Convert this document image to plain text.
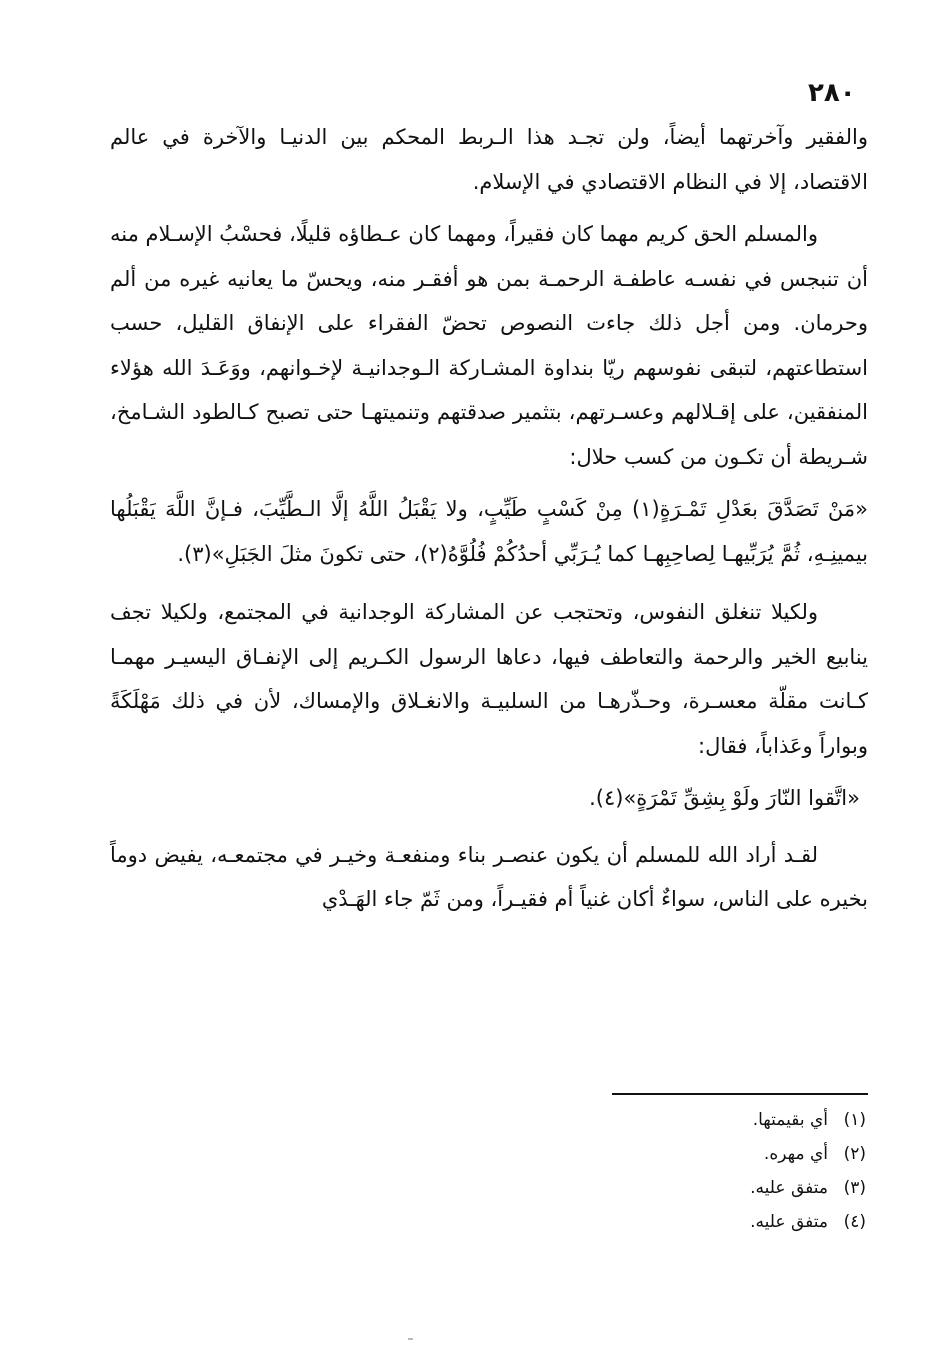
٢٨٠

والفقير وآخرتهما أيضاً، ولن تجـد هذا الـربط المحكم بين الدنيـا والآخرة في عالم الاقتصاد، إلا في النظام الاقتصادي في الإسلام.

والمسلم الحق كريم مهما كان فقيراً، ومهما كان عـطاؤه قليلًا، فحسْبُ الإسـلام منه أن تنبجس في نفسـه عاطفـة الرحمـة بمن هو أفقـر منه، ويحسّ ما يعانيه غيره من ألم وحرمان. ومن أجل ذلك جاءت النصوص تحضّ الفقراء على الإنفاق القليل، حسب استطاعتهم، لتبقى نفوسهم ريّا بنداوة المشـاركة الـوجدانيـة لإخـوانهم، ووَعَـدَ الله هؤلاء المنفقين، على إقـلالهم وعسـرتهم، بتثمير صدقتهم وتنميتهـا حتى تصبح كـالطود الشـامخ، شـريطة أن تكـون من كسب حلال:

«مَنْ تَصَدَّقَ بعَدْلِ تَمْـرَةٍ(١) مِنْ كَسْبٍ طَيِّبٍ، ولا يَقْبَلُ اللَّهُ إلَّا الـطَّيِّبَ، فـإنَّ اللَّهَ يَقْبَلُها بيمينِـهِ، ثُمَّ يُرَبِّيهـا لِصاحِبِهـا كما يُـرَبِّي أحدُكُمْ فُلُوَّهُ(٢)، حتى تكونَ مثلَ الجَبَلِ»(٣).

ولكيلا تنغلق النفوس، وتحتجب عن المشاركة الوجدانية في المجتمع، ولكيلا تجف ينابيع الخير والرحمة والتعاطف فيها، دعاها الرسول الكـريم إلى الإنفـاق اليسيـر مهمـا كـانت مقلّة معسـرة، وحـذّرهـا من السلبيـة والانغـلاق والإمساك، لأن في ذلك مَهْلَكَةً وبواراً وعَذاباً، فقال:

«اتَّقوا النّارَ ولَوْ بِشِقِّ تَمْرَةٍ»(٤).

لقـد أراد الله للمسلم أن يكون عنصـر بناء ومنفعـة وخيـر في مجتمعـه، يفيض دوماً بخيره على الناس، سواءٌ أكان غنياً أم فقيـراً، ومن ثَمّ جاء الهَـدْي

(١)أي بقيمتها.
(٢)أي مهره.
(٣)متفق عليه.
(٤)متفق عليه.
